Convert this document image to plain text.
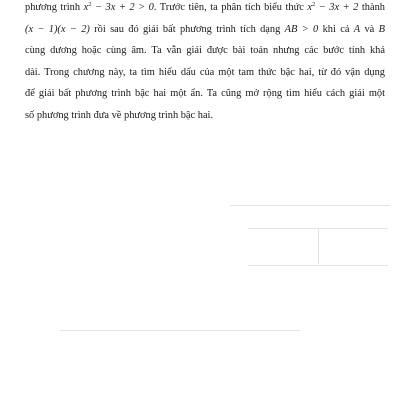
phương trình $x^2 - 3x + 2 > 0$. Trước tiên, ta phân tích biểu thức $x^2 - 3x + 2$ thành
(x − 1)(x − 2) rồi sau đó giải bất phương trình tích dạng AB > 0 khi cả A và B
cùng dương hoặc cùng âm. Ta vẫn giải được bài toán nhưng các bước tính khá
dài. Trong chương này, ta tìm hiểu dấu của một tam thức bậc hai, từ đó vận dụng
để giải bất phương trình bậc hai một ẩn. Ta cũng mở rộng tìm hiểu cách giải một
số phương trình đưa về phương trình bậc hai.
